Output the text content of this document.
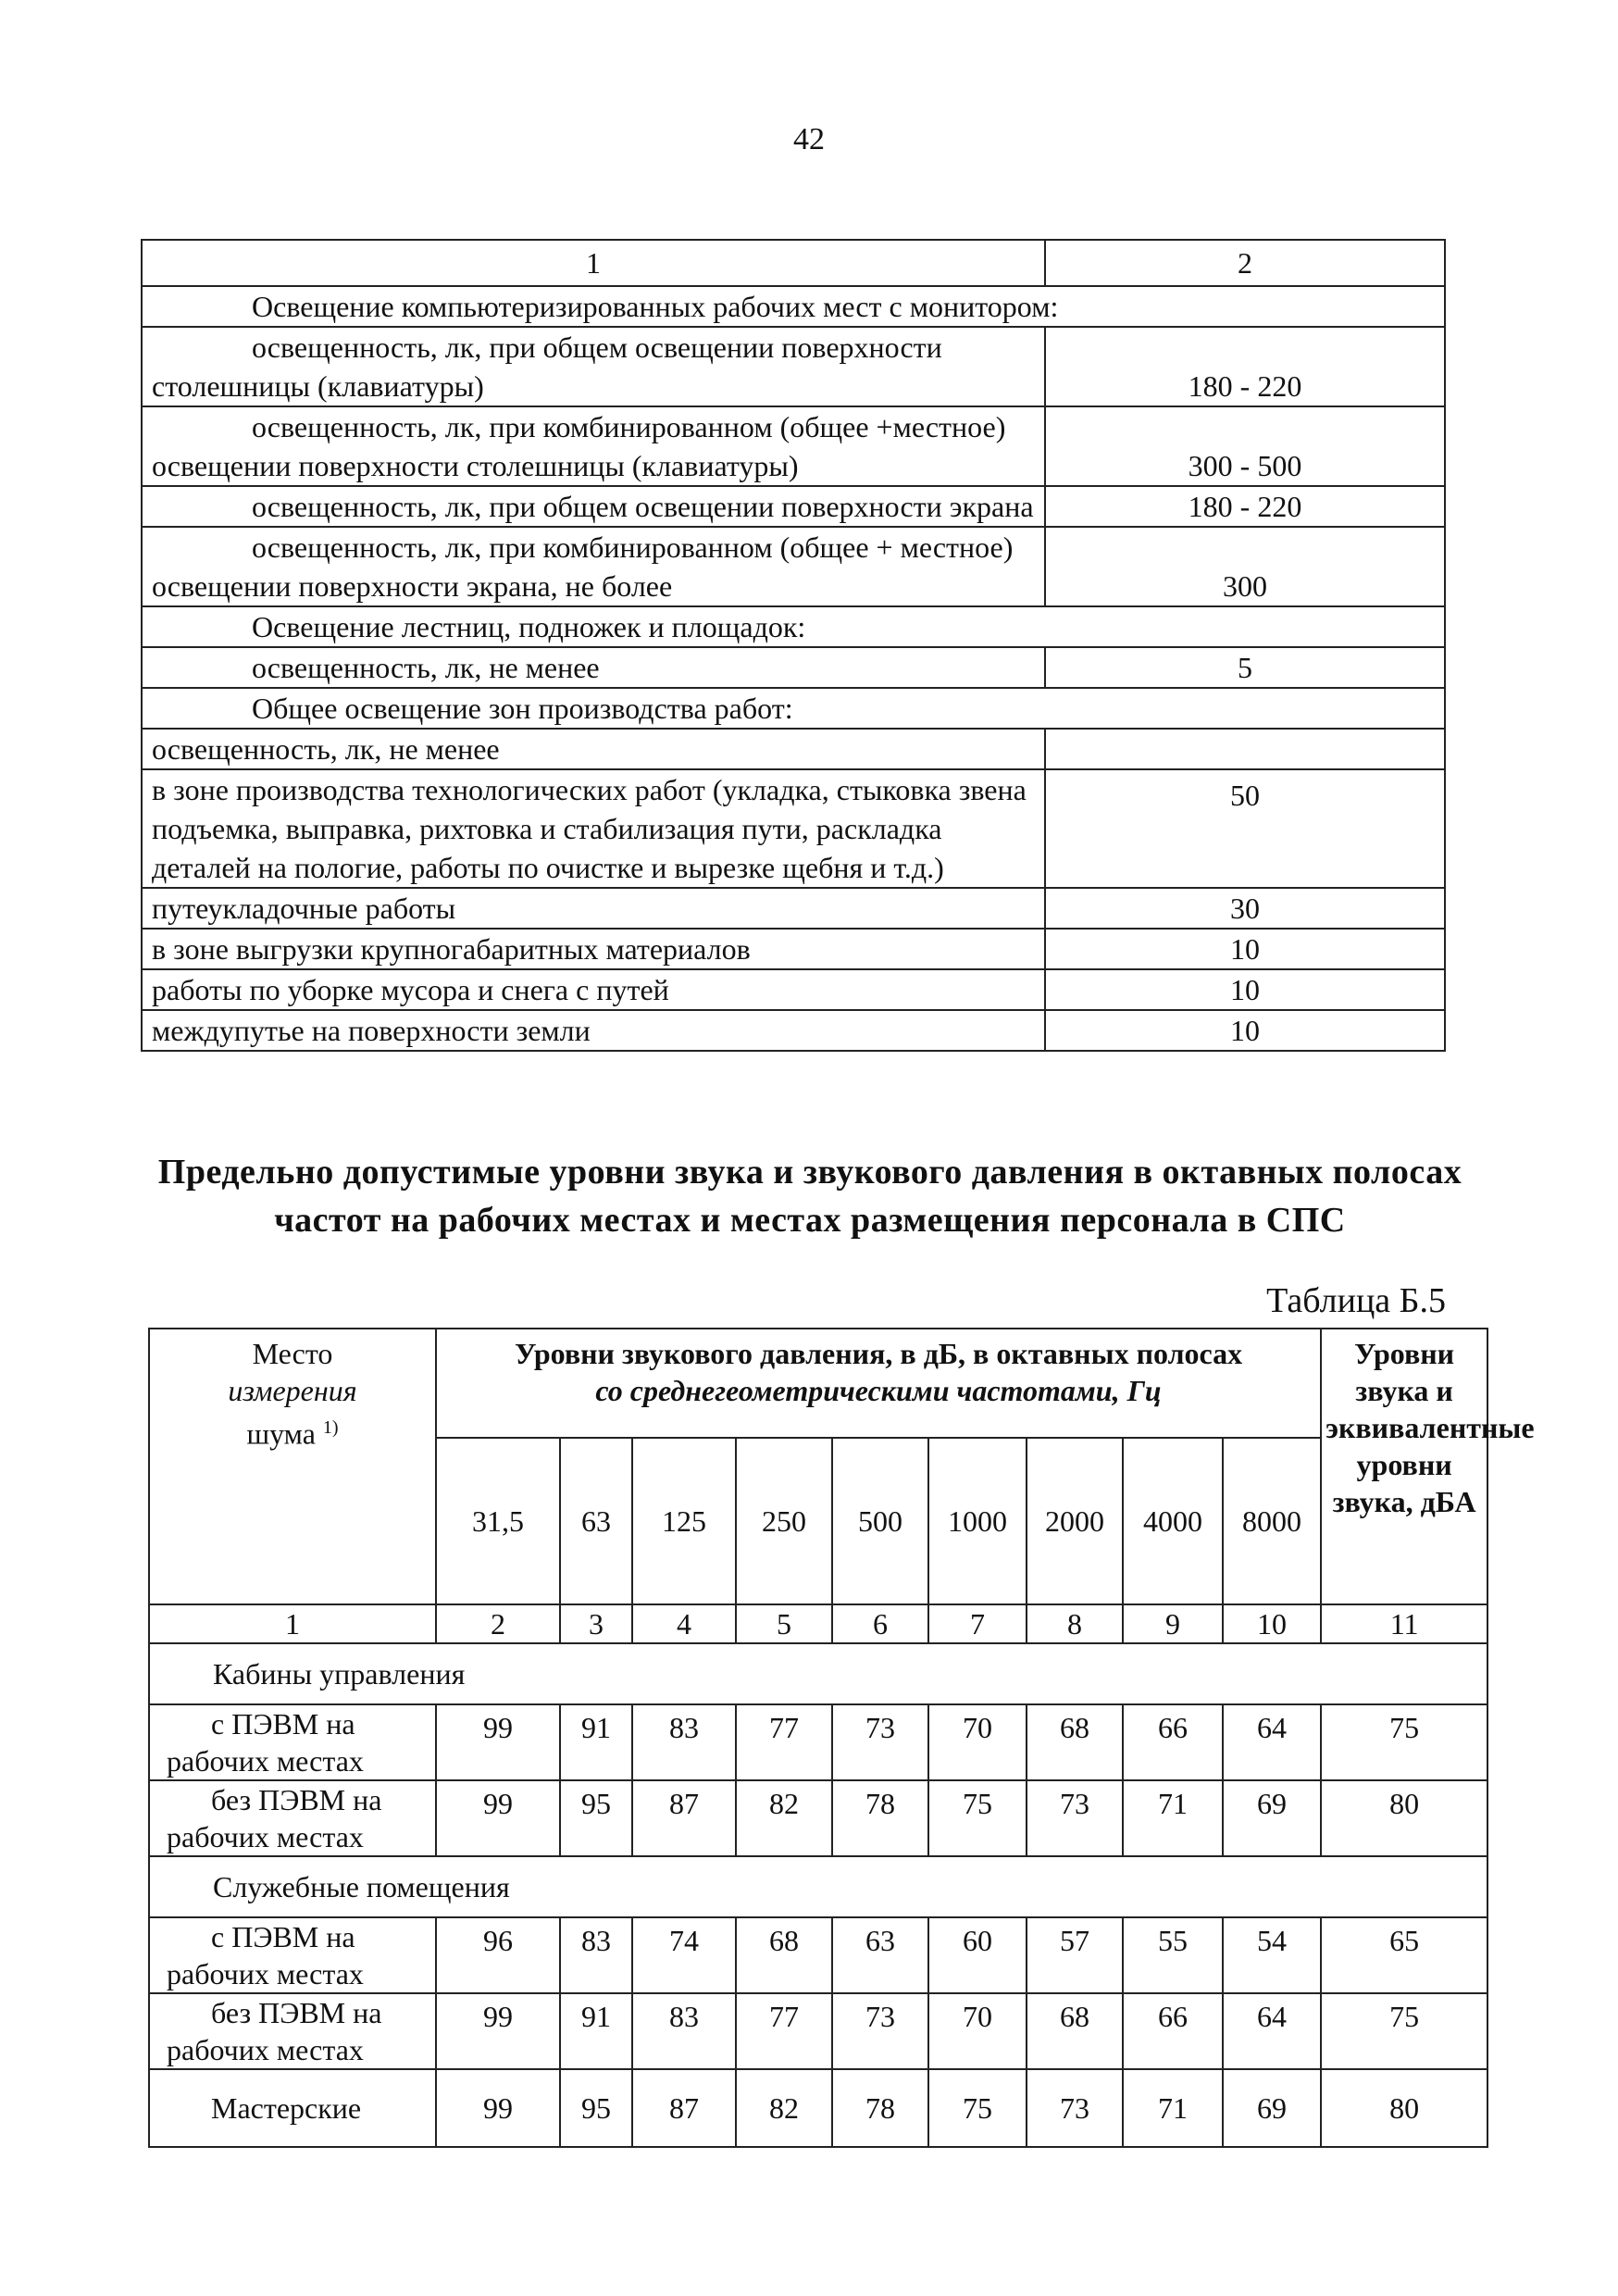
42
1	2
Освещение компьютеризированных рабочих мест с монитором:	
освещенность, лк, при общем освещении поверхности столешницы (клавиатуры)	180 - 220
освещенность, лк, при комбинированном (общее +местное) освещении поверхности столешницы (клавиатуры)	300 - 500
освещенность, лк, при общем освещении поверхности экрана	180 - 220
освещенность, лк, при комбинированном (общее + местное) освещении поверхности экрана, не более	300
Освещение лестниц, подножек и площадок:	
освещенность, лк, не менее	5
Общее освещение зон производства работ:	
освещенность, лк, не менее	
в зоне производства технологических работ (укладка, стыковка звена подъемка, выправка, рихтовка и стабилизация пути, раскладка деталей на пологие, работы по очистке и вырезке щебня и т.д.)	50
путеукладочные работы	30
в зоне выгрузки крупногабаритных материалов	10
работы по уборке мусора и снега с путей	10
междупутье на поверхности земли	10
Предельно допустимые уровни звука и звукового давления в октавных полосах частот на рабочих местах и местах размещения персонала в СПС
Таблица Б.5
Место
измерения
шума $^{1)}$	Уровни звукового давления, в дБ, в октавных полосах
со среднегеометрическими частотами, Гц									Уровни звука и эквивалентные уровни звука, дБА
	31,5	63	125	250	500	1000	2000	4000	8000	
1	2	3	4	5	6	7	8	9	10	11
Кабины управления										

с ПЭВМ на
рабочих местах	99	91	83	77	73	70	68	66	64	75

без ПЭВМ на
рабочих местах	99	95	87	82	78	75	73	71	69	80
Служебные помещения										

с ПЭВМ на
рабочих местах	96	83	74	68	63	60	57	55	54	65

без ПЭВМ на
рабочих местах	99	91	83	77	73	70	68	66	64	75
Мастерские	99	95	87	82	78	75	73	71	69	80
